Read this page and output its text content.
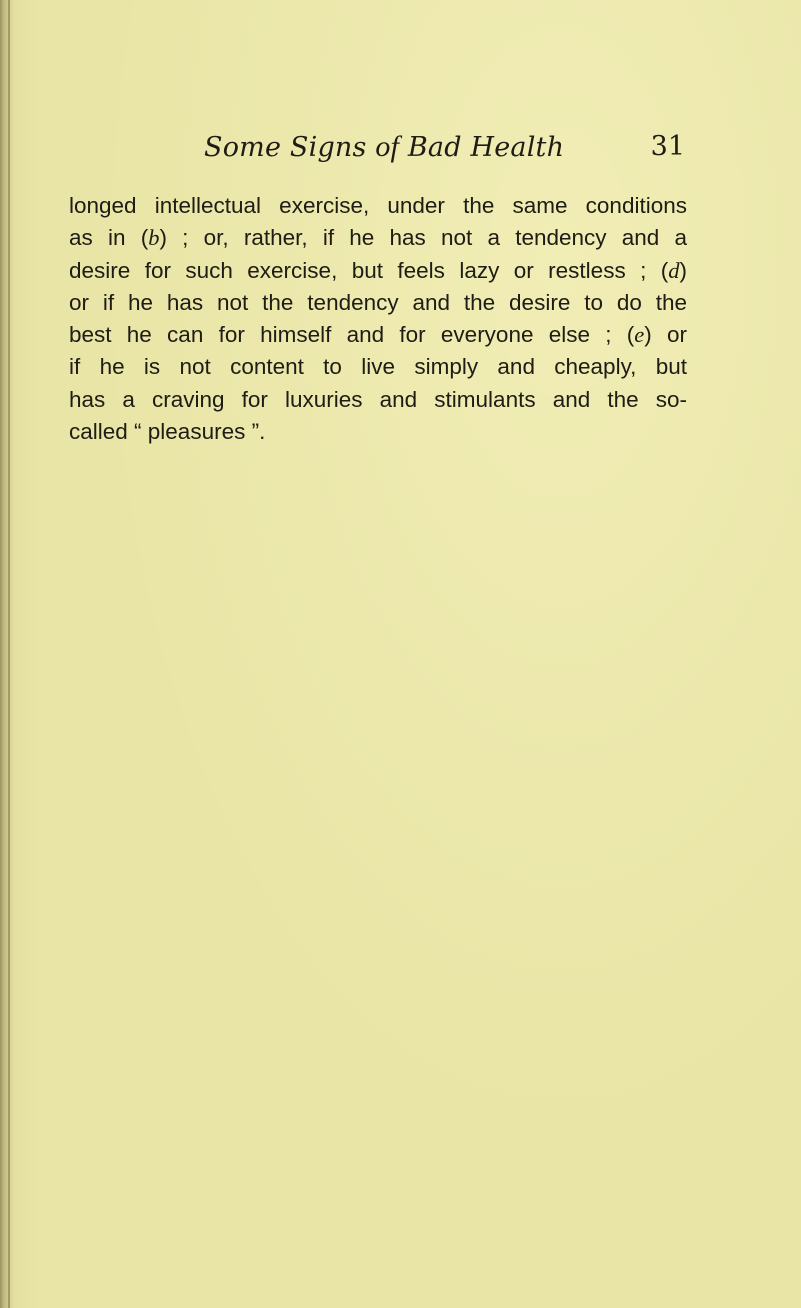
Some Signs of Bad Health	31
longed intellectual exercise, under the same conditions
as in (b) ; or, rather, if he has not a tendency and a
desire for such exercise, but feels lazy or restless ; (d)
or if he has not the tendency and the desire to do the
best he can for himself and for everyone else ; (e) or
if he is not content to live simply and cheaply, but
has a craving for luxuries and stimulants and the so-
called “ pleasures ”.
